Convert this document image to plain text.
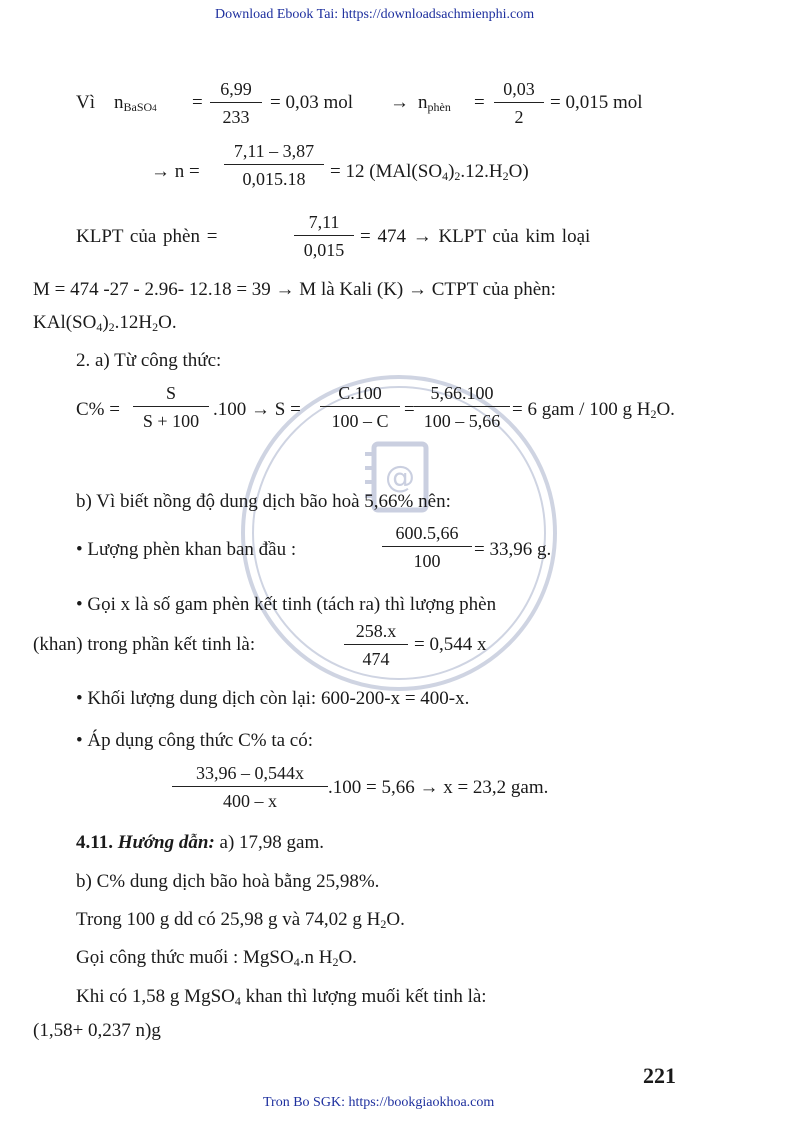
Download Ebook Tai: https://downloadsachmienphi.com
@
Vì $n_{BaSO4}$ =
6,99
233
= 0,03 mol → $n_{phèn}$ =
0,03
2
= 0,015 mol
→ n =
7,11 – 3,87
0,015.18	= 12 $(MAl(SO_4)_2.12.H_2O)$
KLPT của phèn =
7,11
0,015
= 474 → KLPT của kim loại
M = 474 -27 - 2.96- 12.18 = 39 → M là Kali (K) → CTPT của phèn:
$KAl(SO_4)_2.12H_2O$.
2. a) Từ công thức:
C% =
S
S + 100
.100 → S =
C.100
100 – C
=
5,66.100
100 – 5,66
= 6 gam / 100 g $H_2O$.
b) Vì biết nồng độ dung dịch bão hoà 5,66% nên:
• Lượng phèn khan ban đầu :
600.5,66
100
= 33,96 g.
• Gọi x là số gam phèn kết tinh (tách ra) thì lượng phèn
(khan) trong phần kết tinh là:
258.x
474
= 0,544 x
• Khối lượng dung dịch còn lại: 600-200-x = 400-x.
• Áp dụng công thức C% ta có:
33,96 – 0,544x
400 – x
.100 = 5,66 → x = 23,2 gam.
4.11. Hướng dẫn: a) 17,98 gam.
b) C% dung dịch bão hoà bằng 25,98%.
Trong 100 g dd có 25,98 g và 74,02 g $H_2O$.
Gọi công thức muối : MgSO$_4$.n $H_2O$.
Khi có 1,58 g MgSO$_4$ khan thì lượng muối kết tinh là:
(1,58+ 0,237 n)g
221
Tron Bo SGK: https://bookgiaokhoa.com
